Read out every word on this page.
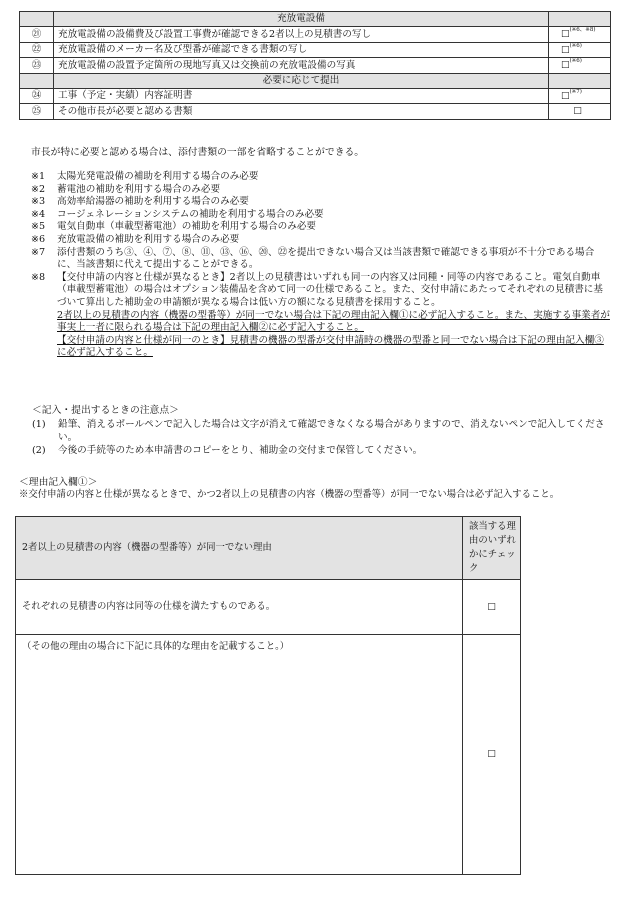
	充放電設備	
㉑	充放電設備の設備費及び設置工事費が確認できる2者以上の見積書の写し	□$^{(※6、※8)}$
㉒	充放電設備のメーカー名及び型番が確認できる書類の写し	□$^{(※6)}$
㉓	充放電設備の設置予定箇所の現地写真又は交換前の充放電設備の写真	□$^{(※6)}$
	必要に応じて提出	
㉔	工事（予定・実績）内容証明書	□$^{(※7)}$
㉕	その他市長が必要と認める書類	□
市長が特に必要と認める場合は、添付書類の一部を省略することができる。
※1	太陽光発電設備の補助を利用する場合のみ必要
※2	蓄電池の補助を利用する場合のみ必要
※3	高効率給湯器の補助を利用する場合のみ必要
※4	コージェネレーションシステムの補助を利用する場合のみ必要
※5	電気自動車（車載型蓄電池）の補助を利用する場合のみ必要
※6	充放電設備の補助を利用する場合のみ必要
※7	添付書類のうち③、④、⑦、⑧、⑪、⑬、⑯、⑳、㉒を提出できない場合又は当該書類で確認できる事項が不十分である場合に、当該書類に代えて提出することができる。
※8	【交付申請の内容と仕様が異なるとき】2者以上の見積書はいずれも同一の内容又は同種・同等の内容であること。電気自動車（車載型蓄電池）の場合はオプション装備品を含めて同一の仕様であること。また、交付申請にあたってそれぞれの見積書に基づいて算出した補助金の申請額が異なる場合は低い方の額になる見積書を採用すること。
2者以上の見積書の内容（機器の型番等）が同一でない場合は下記の理由記入欄①に必ず記入すること。また、実施する事業者が事実上一者に限られる場合は下記の理由記入欄②に必ず記入すること。
【交付申請の内容と仕様が同一のとき】見積書の機器の型番が交付申請時の機器の型番と同一でない場合は下記の理由記入欄③に必ず記入すること。
＜記入・提出するときの注意点＞
(1)	鉛筆、消えるボールペンで記入した場合は文字が消えて確認できなくなる場合がありますので、消えないペンで記入してください。
(2)	今後の手続等のため本申請書のコピーをとり、補助金の交付まで保管してください。
＜理由記入欄①＞
※交付申請の内容と仕様が異なるときで、かつ2者以上の見積書の内容（機器の型番等）が同一でない場合は必ず記入すること。
2者以上の見積書の内容（機器の型番等）が同一でない理由	該当する理由のいずれかにチェック
それぞれの見積書の内容は同等の仕様を満たすものである。	□
（その他の理由の場合に下記に具体的な理由を記載すること。）	□
